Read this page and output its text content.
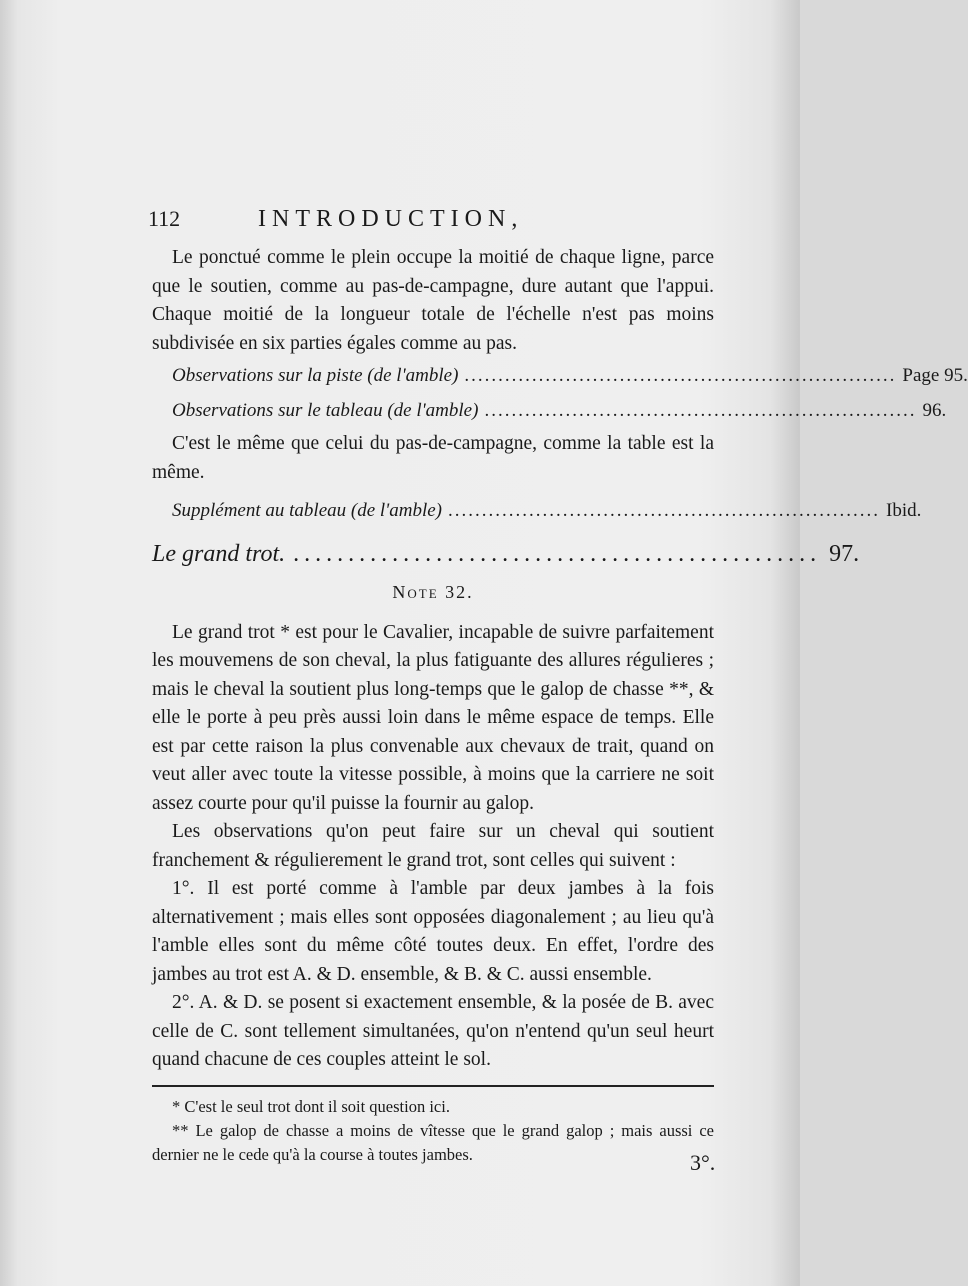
112	INTRODUCTION,

Le ponctué comme le plein occupe la moitié de chaque ligne, parce que le soutien, comme au pas-de-campagne, dure autant que l'appui. Chaque moitié de la longueur totale de l'échelle n'est pas moins subdivisée en six parties égales comme au pas.

Observations sur la piste (de l'amble) ................................................................ Page 95.
Observations sur le tableau (de l'amble) ................................................................ 96.

C'est le même que celui du pas-de-campagne, comme la table est la même.

Supplément au tableau (de l'amble) ................................................................ Ibid.
Le grand trot. ................................................ 97.
Note 32.

Le grand trot * est pour le Cavalier, incapable de suivre parfaitement les mouvemens de son cheval, la plus fatiguante des allures régulieres ; mais le cheval la soutient plus long-temps que le galop de chasse **, & elle le porte à peu près aussi loin dans le même espace de temps. Elle est par cette raison la plus convenable aux chevaux de trait, quand on veut aller avec toute la vitesse possible, à moins que la carriere ne soit assez courte pour qu'il puisse la fournir au galop.

Les observations qu'on peut faire sur un cheval qui soutient franchement & régulierement le grand trot, sont celles qui suivent :

1°. Il est porté comme à l'amble par deux jambes à la fois alternativement ; mais elles sont opposées diagonalement ; au lieu qu'à l'amble elles sont du même côté toutes deux. En effet, l'ordre des jambes au trot est A. & D. ensemble, & B. & C. aussi ensemble.

2°. A. & D. se posent si exactement ensemble, & la posée de B. avec celle de C. sont tellement simultanées, qu'on n'entend qu'un seul heurt quand chacune de ces couples atteint le sol.

* C'est le seul trot dont il soit question ici.

** Le galop de chasse a moins de vîtesse que le grand galop ; mais aussi ce dernier ne le cede qu'à la course à toutes jambes.	3°.
